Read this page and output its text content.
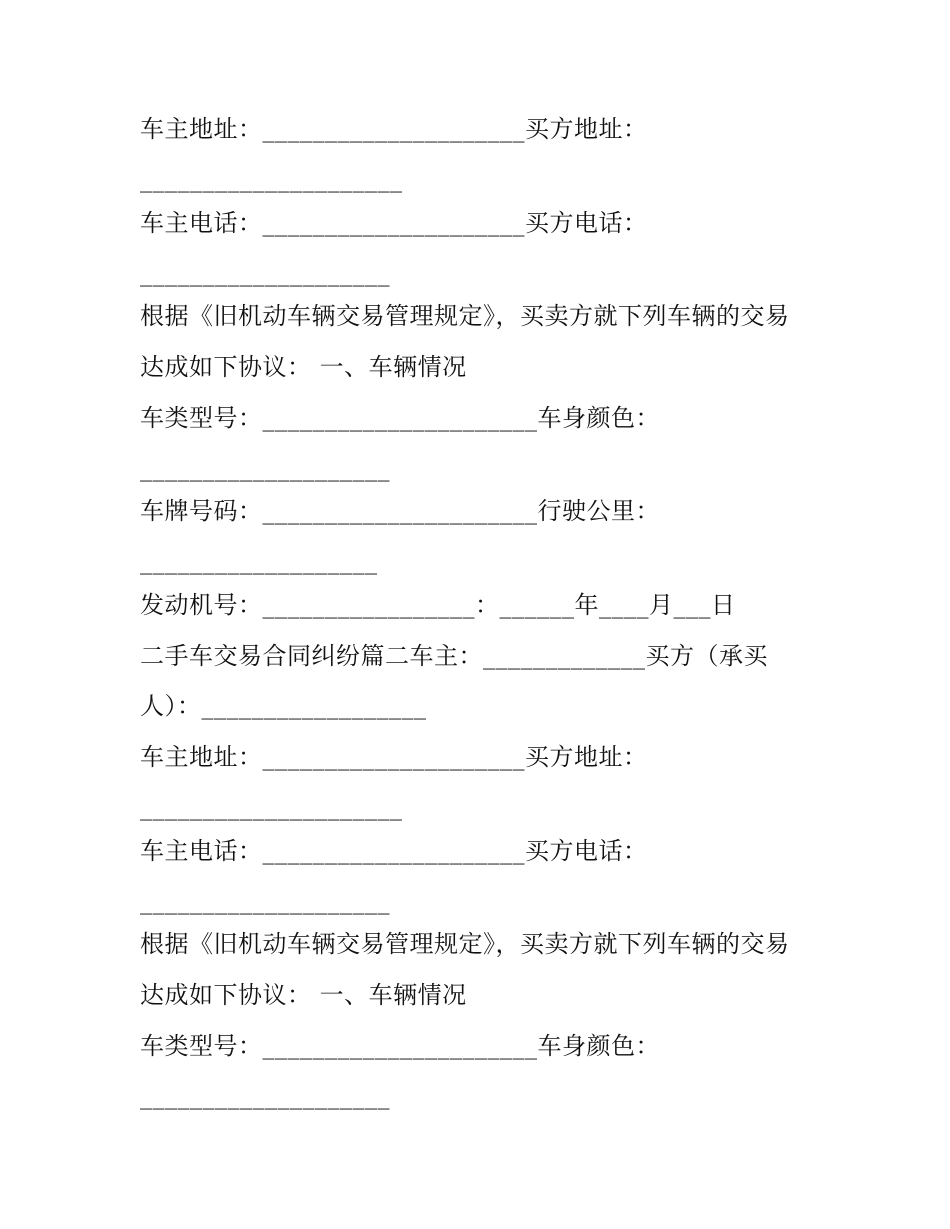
车主地址：_____________________买方地址：
_____________________
车主电话：_____________________买方电话：
____________________
根据《旧机动车辆交易管理规定》，买卖方就下列车辆的交易
达成如下协议： 一、车辆情况
车类型号：______________________车身颜色：
____________________
车牌号码：______________________行驶公里：
___________________
发动机号：_________________：______年____月___日
二手车交易合同纠纷篇二车主：_____________买方（承买
人）：__________________
车主地址：_____________________买方地址：
_____________________
车主电话：_____________________买方电话：
____________________
根据《旧机动车辆交易管理规定》，买卖方就下列车辆的交易
达成如下协议： 一、车辆情况
车类型号：______________________车身颜色：
____________________
